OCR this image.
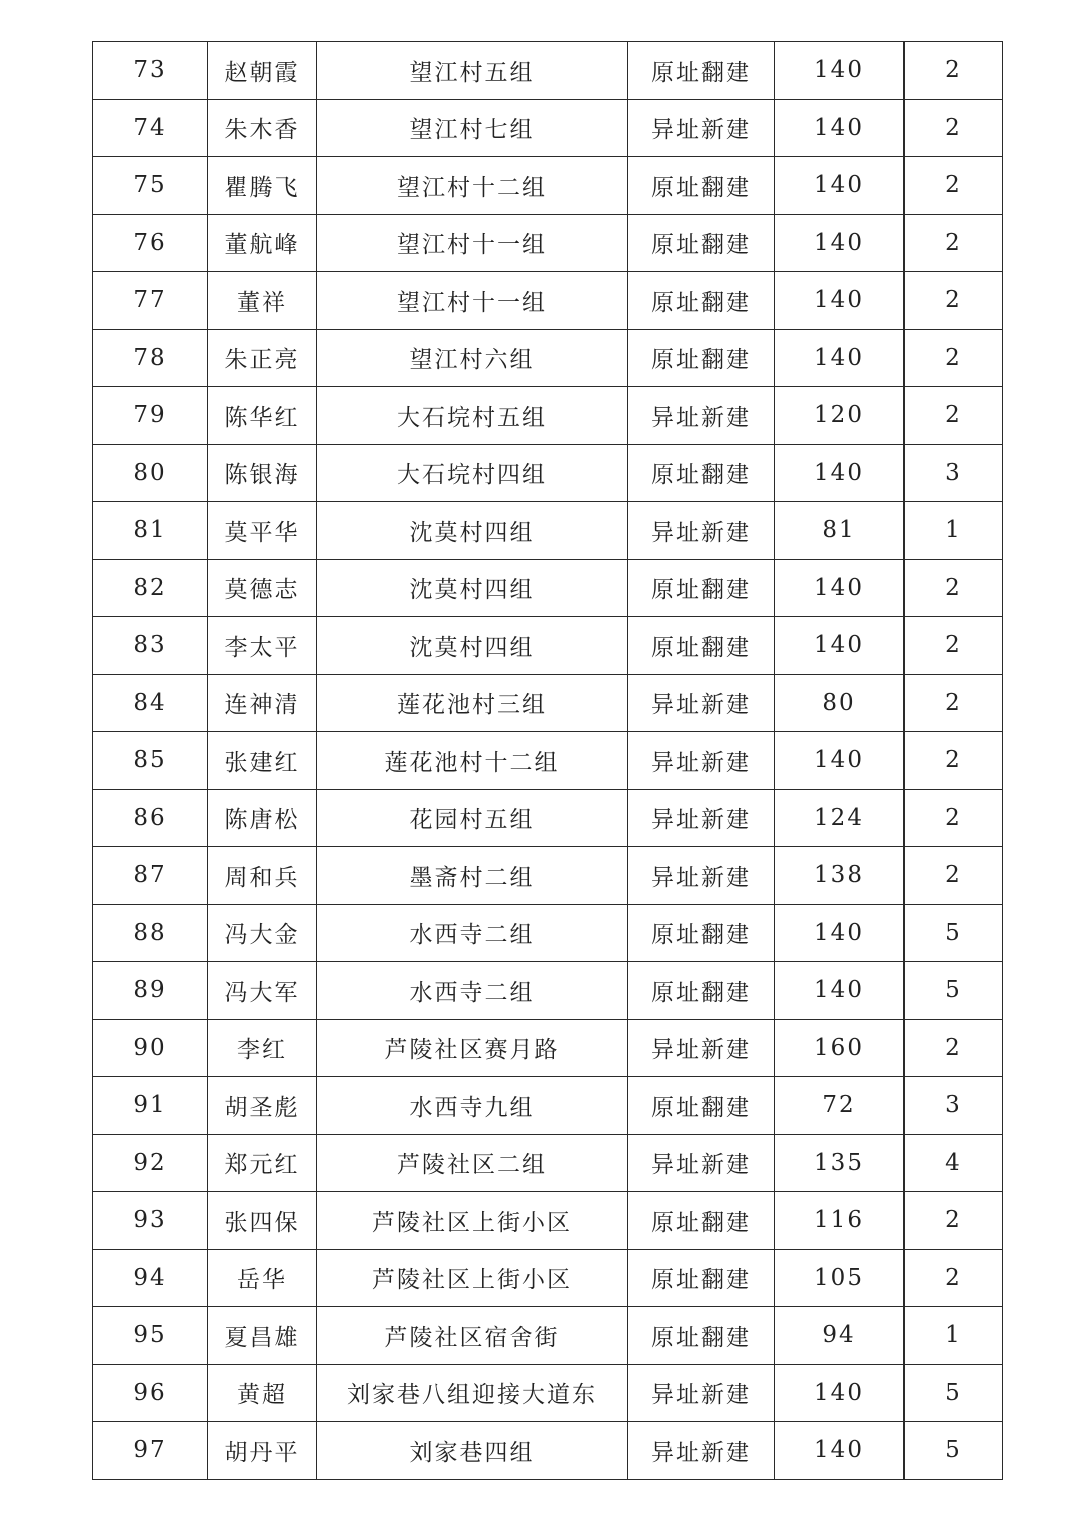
73	赵朝霞	望江村五组	原址翻建	140		2
74	朱木香	望江村七组	异址新建	140		2
75	瞿腾飞	望江村十二组	原址翻建	140		2
76	董航峰	望江村十一组	原址翻建	140		2
77	董祥	望江村十一组	原址翻建	140		2
78	朱正亮	望江村六组	原址翻建	140		2
79	陈华红	大石垸村五组	异址新建	120		2
80	陈银海	大石垸村四组	原址翻建	140		3
81	莫平华	沈莫村四组	异址新建	81		1
82	莫德志	沈莫村四组	原址翻建	140		2
83	李太平	沈莫村四组	原址翻建	140		2
84	连神清	莲花池村三组	异址新建	80		2
85	张建红	莲花池村十二组	异址新建	140		2
86	陈唐松	花园村五组	异址新建	124		2
87	周和兵	墨斋村二组	异址新建	138		2
88	冯大金	水西寺二组	原址翻建	140		5
89	冯大军	水西寺二组	原址翻建	140		5
90	李红	芦陵社区赛月路	异址新建	160		2
91	胡圣彪	水西寺九组	原址翻建	72		3
92	郑元红	芦陵社区二组	异址新建	135		4
93	张四保	芦陵社区上街小区	原址翻建	116		2
94	岳华	芦陵社区上街小区	原址翻建	105		2
95	夏昌雄	芦陵社区宿舍街	原址翻建	94		1
96	黄超	刘家巷八组迎接大道东	异址新建	140		5
97	胡丹平	刘家巷四组	异址新建	140		5
